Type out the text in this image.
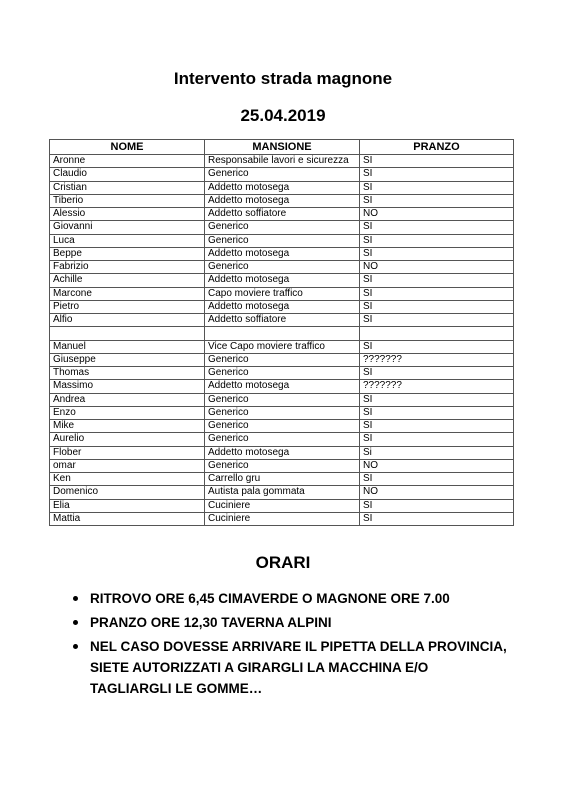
Intervento strada magnone
25.04.2019
NOME	MANSIONE	PRANZO
Aronne	Responsabile lavori e sicurezza	SI
Claudio	Generico	SI
Cristian	Addetto motosega	SI
Tiberio	Addetto motosega	SI
Alessio	Addetto soffiatore	NO
Giovanni	Generico	SI
Luca	Generico	SI
Beppe	Addetto motosega	SI
Fabrizio	Generico	NO
Achille	Addetto motosega	SI
Marcone	Capo moviere traffico	SI
Pietro	Addetto motosega	SI
Alfio	Addetto soffiatore	SI

Manuel	Vice Capo moviere traffico	SI
Giuseppe	Generico	???????
Thomas	Generico	SI
Massimo	Addetto motosega	???????
Andrea	Generico	SI
Enzo	Generico	SI
Mike	Generico	SI
Aurelio	Generico	SI
Flober	Addetto motosega	Si
omar	Generico	NO
Ken	Carrello gru	SI
Domenico	Autista pala gommata	NO
Elia	Cuciniere	SI
Mattia	Cuciniere	SI
ORARI
RITROVO ORE 6,45 CIMAVERDE O MAGNONE ORE 7.00
PRANZO ORE 12,30 TAVERNA ALPINI
NEL CASO DOVESSE ARRIVARE IL PIPETTA DELLA PROVINCIA, SIETE AUTORIZZATI A GIRARGLI LA MACCHINA E/O TAGLIARGLI LE GOMME…
